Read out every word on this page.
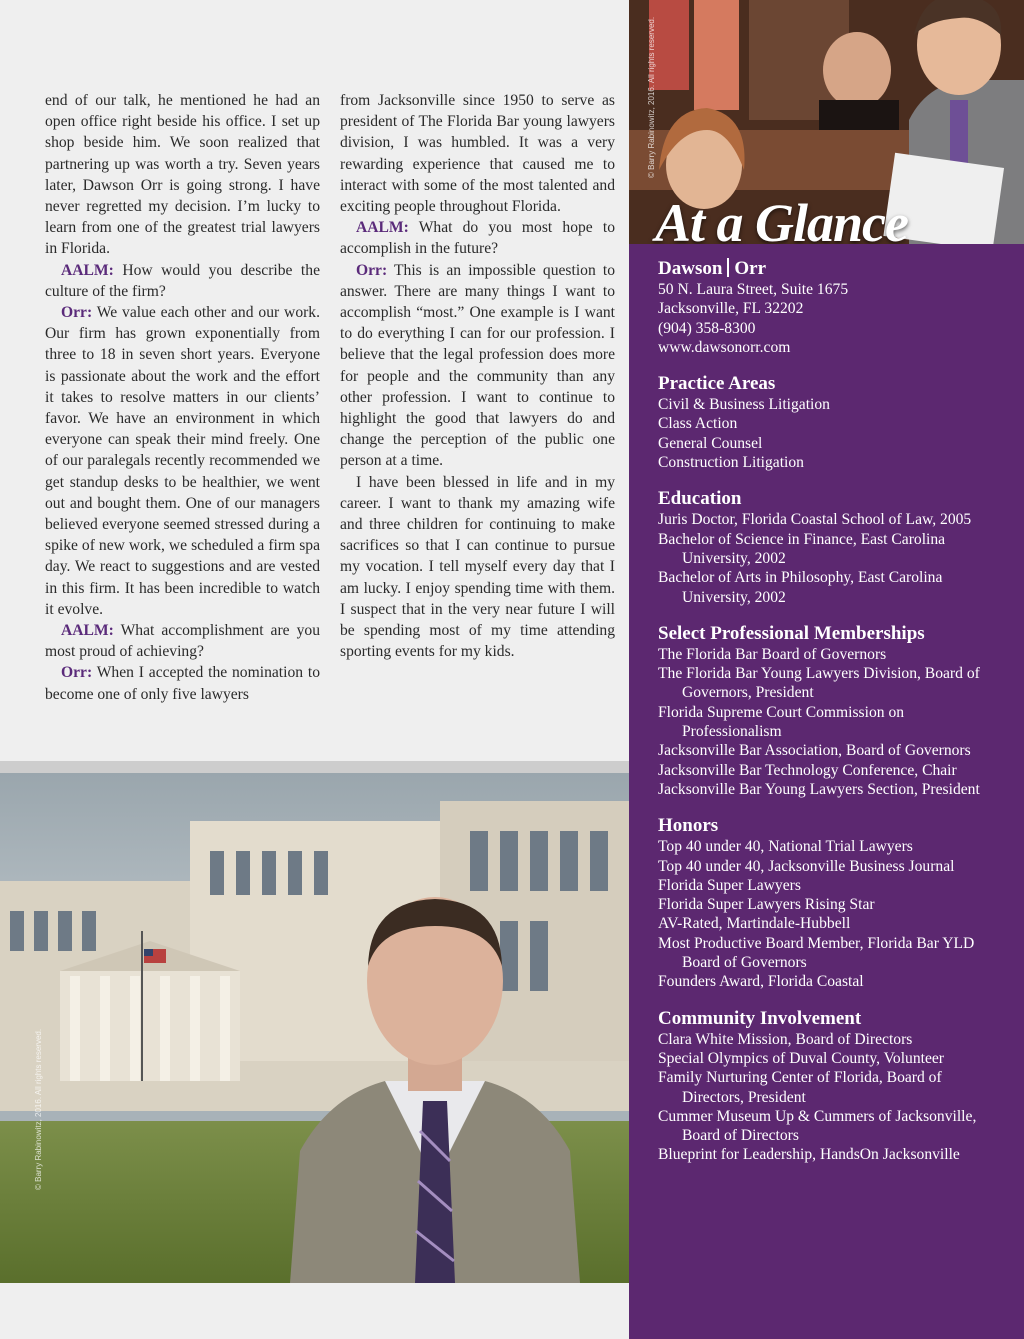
end of our talk, he mentioned he had an open office right beside his office. I set up shop beside him. We soon realized that partnering up was worth a try. Seven years later, Dawson Orr is going strong. I have never regretted my decision. I’m lucky to learn from one of the greatest trial lawyers in Florida.

AALM: How would you describe the culture of the firm?

Orr: We value each other and our work. Our firm has grown exponentially from three to 18 in seven short years. Everyone is passionate about the work and the effort it takes to resolve matters in our clients’ favor. We have an environment in which everyone can speak their mind freely. One of our paralegals recently recommended we get standup desks to be healthier, we went out and bought them. One of our managers believed everyone seemed stressed during a spike of new work, we scheduled a firm spa day. We react to suggestions and are vested in this firm. It has been incredible to watch it evolve.

AALM: What accomplishment are you most proud of achieving?

Orr: When I accepted the nomination to become one of only five lawyers

from Jacksonville since 1950 to serve as president of The Florida Bar young lawyers division, I was humbled. It was a very rewarding experience that caused me to interact with some of the most talented and exciting people throughout Florida.

AALM: What do you most hope to accomplish in the future?

Orr: This is an impossible question to answer. There are many things I want to accomplish “most.” One example is I want to do everything I can for our profession. I believe that the legal profession does more for people and the community than any other profession. I want to continue to highlight the good that lawyers do and change the perception of the public one person at a time.

I have been blessed in life and in my career. I want to thank my amazing wife and three children for continuing to make sacrifices so that I can continue to pursue my vocation. I tell myself every day that I am lucky. I enjoy spending time with them. I suspect that in the very near future I will be spending most of my time attending sporting events for my kids.

© Barry Rabinowitz, 2016. All rights reserved.
© Barry Rabinowitz, 2016. All rights reserved.
At a Glance
Dawson Orr

50 N. Laura Street, Suite 1675

Jacksonville, FL 32202

(904) 358-8300

www.dawsonorr.com

Practice Areas

Civil & Business Litigation

Class Action

General Counsel

Construction Litigation

Education

Juris Doctor, Florida Coastal School of Law, 2005

Bachelor of Science in Finance, East Carolina University, 2002

Bachelor of Arts in Philosophy, East Carolina University, 2002

Select Professional Memberships

The Florida Bar Board of Governors

The Florida Bar Young Lawyers Division, Board of Governors, President

Florida Supreme Court Commission on Professionalism

Jacksonville Bar Association, Board of Governors

Jacksonville Bar Technology Conference, Chair

Jacksonville Bar Young Lawyers Section, President

Honors

Top 40 under 40, National Trial Lawyers

Top 40 under 40, Jacksonville Business Journal

Florida Super Lawyers

Florida Super Lawyers Rising Star

AV-Rated, Martindale-Hubbell

Most Productive Board Member, Florida Bar YLD Board of Governors

Founders Award, Florida Coastal

Community Involvement

Clara White Mission, Board of Directors

Special Olympics of Duval County, Volunteer

Family Nurturing Center of Florida, Board of Directors, President

Cummer Museum Up & Cummers of Jacksonville, Board of Directors

Blueprint for Leadership, HandsOn Jacksonville
